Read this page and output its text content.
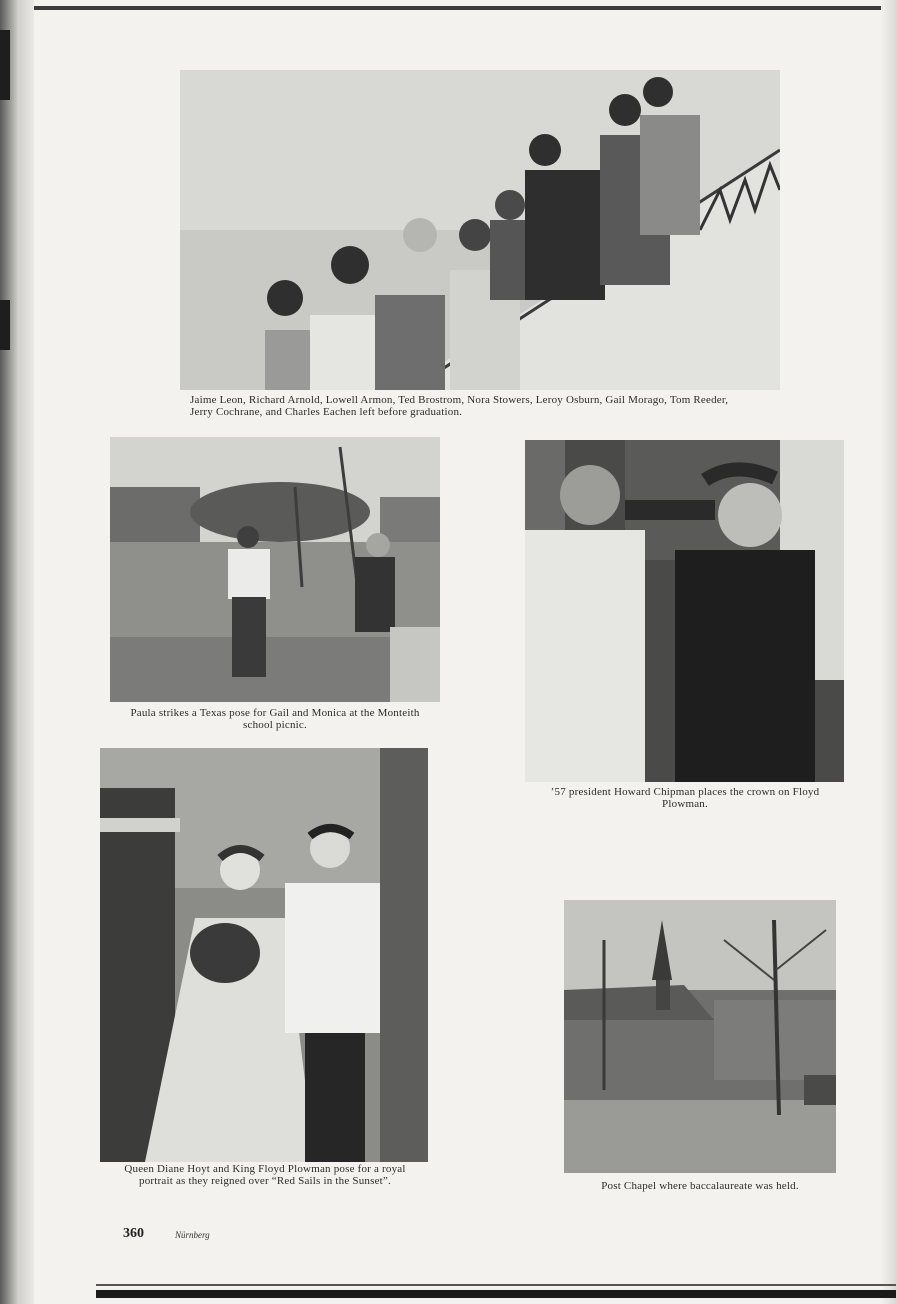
Jaime Leon, Richard Arnold, Lowell Armon, Ted Brostrom, Nora Stowers, Leroy Osburn, Gail Morago, Tom Reeder,
Jerry Cochrane, and Charles Eachen left before graduation.
Paula strikes a Texas pose for Gail and Monica at the Monteith
school picnic.
’57 president Howard Chipman places the crown on Floyd
Plowman.
Queen Diane Hoyt and King Floyd Plowman pose for a royal
portrait as they reigned over “Red Sails in the Sunset”.	Post Chapel where baccalaureate was held.
360	Nürnberg
